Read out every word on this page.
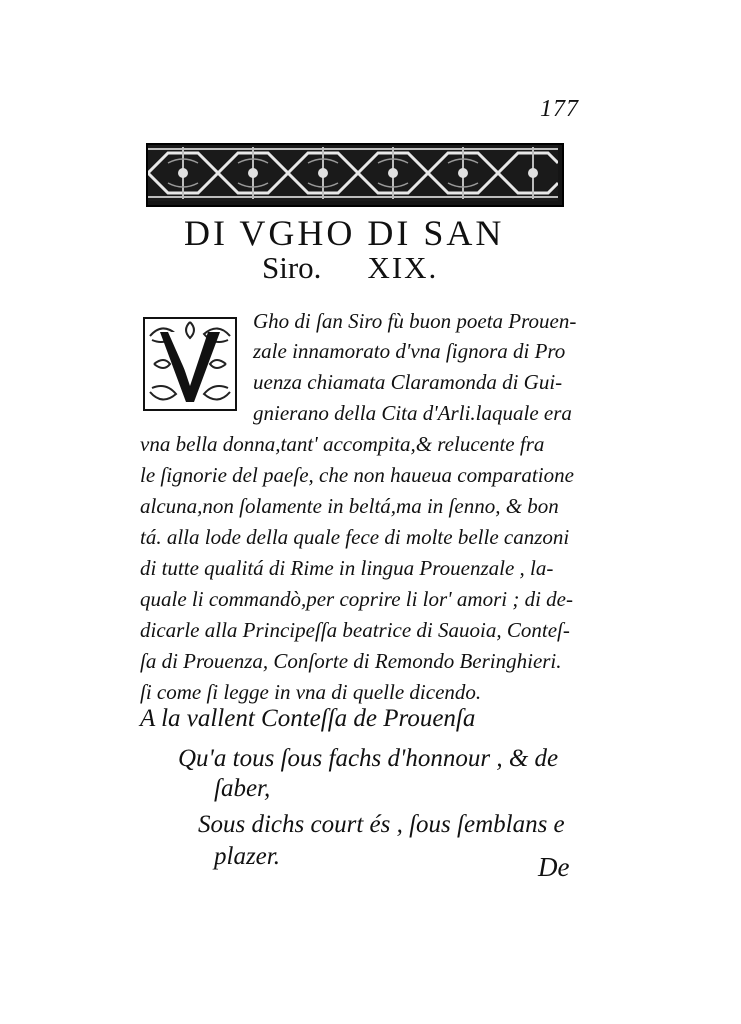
177
DI VGHO DI SAN
Siro. XIX.
V
Gho di ſan Siro fù buon poeta Prouen-
zale innamorato d'vna ſignora di Pro
uenza chiamata Claramonda di Gui-
gnierano della Cita d'Arli.laquale era
vna bella donna,tant' accompita,& relucente fra
le ſignorie del paeſe, che non haueua comparatione
alcuna,non ſolamente in beltá,ma in ſenno, & bon
tá. alla lode della quale fece di molte belle canzoni
di tutte qualitá di Rime in lingua Prouenzale , la-
quale li commandò,per coprire li lor' amori ; di de-
dicarle alla Principeſſa beatrice di Sauoia, Conteſ-
ſa di Prouenza, Conſorte di Remondo Beringhieri.
ſi come ſi legge in vna di quelle dicendo.
A la vallent Conteſſa de Prouenſa
Qu'a tous ſous fachs d'honnour , & de
ſaber,
Sous dichs court és , ſous ſemblans e
plazer.	De
